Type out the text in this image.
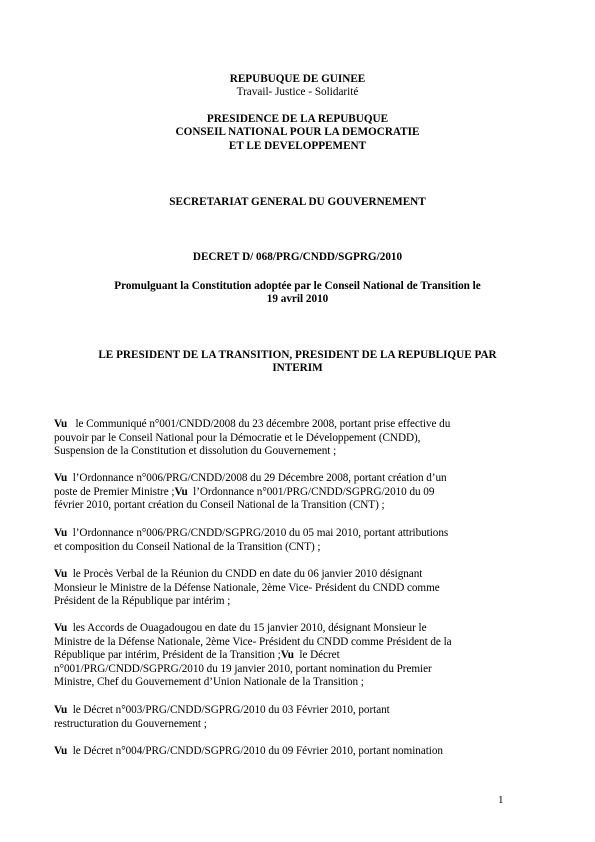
REPUBUQUE DE GUINEE
Travail- Justice - Solidarité
PRESIDENCE DE LA REPUBUQUE
CONSEIL NATIONAL POUR LA DEMOCRATIE
ET LE DEVELOPPEMENT
SECRETARIAT GENERAL DU GOUVERNEMENT
DECRET D/ 068/PRG/CNDD/SGPRG/2010
Promulguant la Constitution adoptée par le Conseil National de Transition le
19 avril 2010
LE PRESIDENT DE LA TRANSITION, PRESIDENT DE LA REPUBLIQUE PAR
INTERIM
Vu le Communiqué n°001/CNDD/2008 du 23 décembre 2008, portant prise effective du
pouvoir par le Conseil National pour la Démocratie et le Développement (CNDD),
Suspension de la Constitution et dissolution du Gouvernement ;
Vu l’Ordonnance n°006/PRG/CNDD/2008 du 29 Décembre 2008, portant création d’un
poste de Premier Ministre ;Vu l’Ordonnance n°001/PRG/CNDD/SGPRG/2010 du 09
février 2010, portant création du Conseil National de la Transition (CNT) ;
Vu l’Ordonnance n°006/PRG/CNDD/SGPRG/2010 du 05 mai 2010, portant attributions
et composition du Conseil National de la Transition (CNT) ;
Vu le Procès Verbal de la Réunion du CNDD en date du 06 janvier 2010 désignant
Monsieur le Ministre de la Défense Nationale, 2ème Vice- Président du CNDD comme
Président de la République par intérim ;
Vu les Accords de Ouagadougou en date du 15 janvier 2010, désignant Monsieur le
Ministre de la Défense Nationale, 2ème Vice- Président du CNDD comme Président de la
République par intérim, Président de la Transition ;Vu le Décret
n°001/PRG/CNDD/SGPRG/2010 du 19 janvier 2010, portant nomination du Premier
Ministre, Chef du Gouvernement d’Union Nationale de la Transition ;
Vu le Décret n°003/PRG/CNDD/SGPRG/2010 du 03 Février 2010, portant
restructuration du Gouvernement ;
Vu le Décret n°004/PRG/CNDD/SGPRG/2010 du 09 Février 2010, portant nomination
1
